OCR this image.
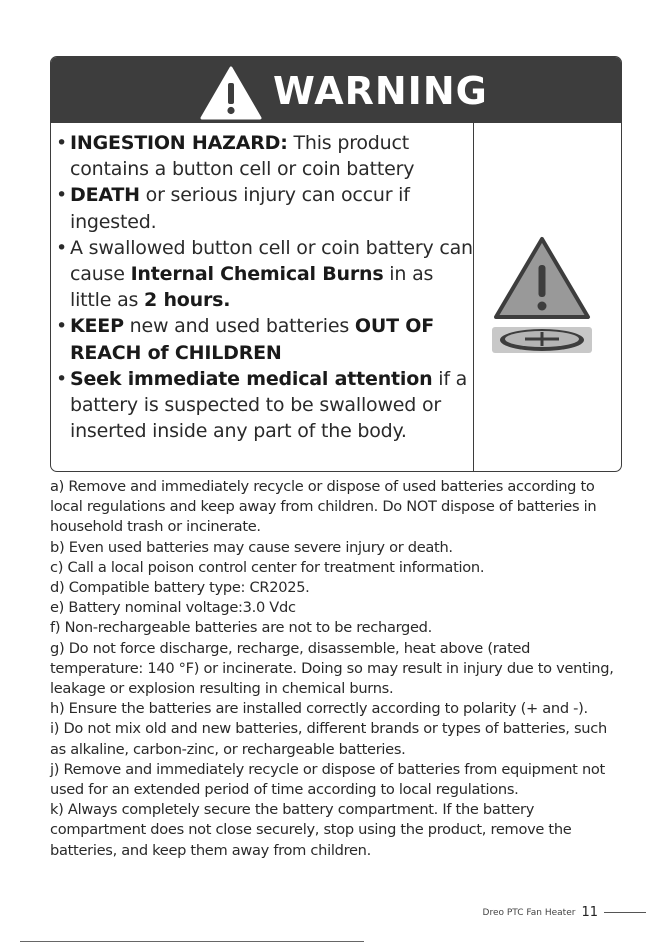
WARNING
• INGESTION HAZARD: This product contains a button cell or coin battery
• DEATH or serious injury can occur if ingested.
• A swallowed button cell or coin battery can cause Internal Chemical Burns in as little as 2 hours.
• KEEP new and used batteries OUT OF REACH of CHILDREN
• Seek immediate medical attention if a battery is suspected to be swallowed or inserted inside any part of the body.

a) Remove and immediately recycle or dispose of used batteries according to local regulations and keep away from children. Do NOT dispose of batteries in household trash or incinerate.

b) Even used batteries may cause severe injury or death.

c) Call a local poison control center for treatment information.

d) Compatible battery type: CR2025.

e) Battery nominal voltage:3.0 Vdc

f) Non-rechargeable batteries are not to be recharged.

g) Do not force discharge, recharge, disassemble, heat above (rated temperature: 140 °F) or incinerate. Doing so may result in injury due to venting, leakage or explosion resulting in chemical burns.

h) Ensure the batteries are installed correctly according to polarity (+ and -).

i) Do not mix old and new batteries, different brands or types of batteries, such as alkaline, carbon-zinc, or rechargeable batteries.

j) Remove and immediately recycle or dispose of batteries from equipment not used for an extended period of time according to local regulations.

k) Always completely secure the battery compartment. If the battery compartment does not close securely, stop using the product, remove the batteries, and keep them away from children.

Dreo PTC Fan Heater 11
